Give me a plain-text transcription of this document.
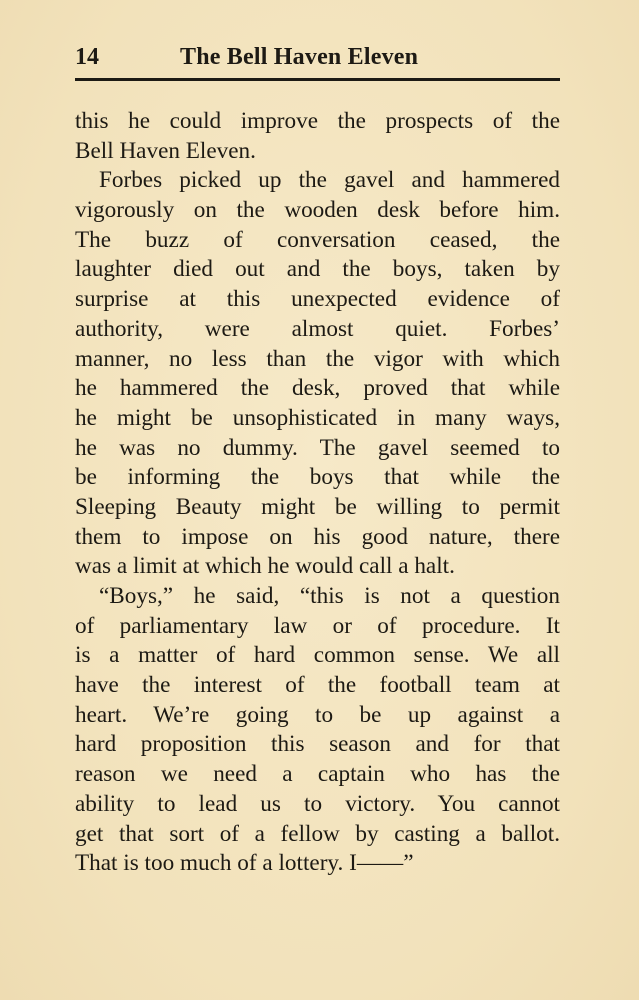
14	The Bell Haven Eleven
this he could improve the prospects of the
Bell Haven Eleven.
Forbes picked up the gavel and hammered
vigorously on the wooden desk before him.
The buzz of conversation ceased, the
laughter died out and the boys, taken by
surprise at this unexpected evidence of
authority, were almost quiet. Forbes’
manner, no less than the vigor with which
he hammered the desk, proved that while
he might be unsophisticated in many ways,
he was no dummy. The gavel seemed to
be informing the boys that while the
Sleeping Beauty might be willing to permit
them to impose on his good nature, there
was a limit at which he would call a halt.
“Boys,” he said, “this is not a question
of parliamentary law or of procedure. It
is a matter of hard common sense. We all
have the interest of the football team at
heart. We’re going to be up against a
hard proposition this season and for that
reason we need a captain who has the
ability to lead us to victory. You cannot
get that sort of a fellow by casting a ballot.
That is too much of a lottery. I——”
